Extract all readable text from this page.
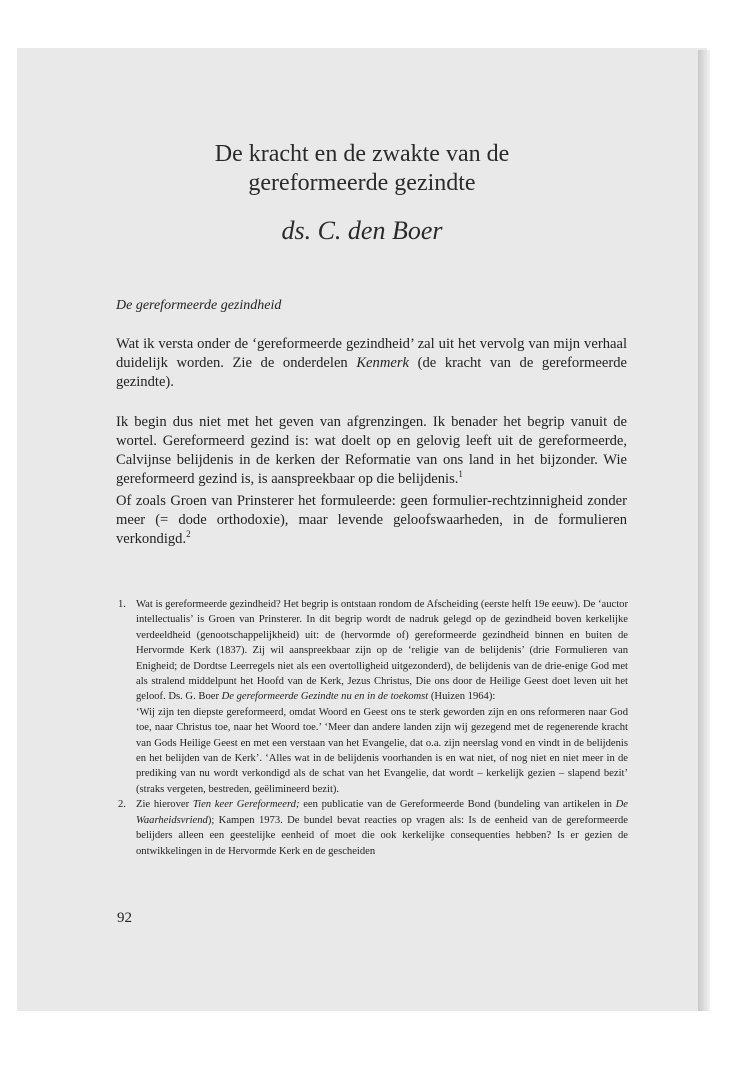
De kracht en de zwakte van de
gereformeerde gezindte
ds. C. den Boer
De gereformeerde gezindheid

Wat ik versta onder de ‘gereformeerde gezindheid’ zal uit het vervolg van mijn verhaal duidelijk worden. Zie de onderdelen Kenmerk (de kracht van de gereformeerde gezindte).

Ik begin dus niet met het geven van afgrenzingen. Ik benader het begrip vanuit de wortel. Gereformeerd gezind is: wat doelt op en gelovig leeft uit de gereformeerde, Calvijnse belijdenis in de kerken der Reformatie van ons land in het bijzonder. Wie gereformeerd gezind is, is aanspreekbaar op die belijdenis.$^1$

Of zoals Groen van Prinsterer het formuleerde: geen formulier-rechtzinnigheid zonder meer (= dode orthodoxie), maar levende geloofswaarheden, in de formulieren verkondigd.$^2$

1. Wat is gereformeerde gezindheid? Het begrip is ontstaan rondom de Afscheiding (eerste helft 19e eeuw). De ‘auctor intellectualis’ is Groen van Prinsterer. In dit begrip wordt de nadruk gelegd op de gezindheid boven kerkelijke verdeeldheid (genootschappelijkheid) uit: de (hervormde of) gereformeerde gezindheid binnen en buiten de Hervormde Kerk (1837). Zij wil aanspreekbaar zijn op de ‘religie van de belijdenis’ (drie Formulieren van Enigheid; de Dordtse Leerregels niet als een overtolligheid uitgezonderd), de belijdenis van de drie-enige God met als stralend middelpunt het Hoofd van de Kerk, Jezus Christus, Die ons door de Heilige Geest doet leven uit het geloof. Ds. G. Boer De gereformeerde Gezindte nu en in de toekomst (Huizen 1964):
‘Wij zijn ten diepste gereformeerd, omdat Woord en Geest ons te sterk geworden zijn en ons reformeren naar God toe, naar Christus toe, naar het Woord toe.’ ‘Meer dan andere landen zijn wij gezegend met de regenerende kracht van Gods Heilige Geest en met een verstaan van het Evangelie, dat o.a. zijn neerslag vond en vindt in de belijdenis en het belijden van de Kerk’. ‘Alles wat in de belijdenis voorhanden is en wat niet, of nog niet en niet meer in de prediking van nu wordt verkondigd als de schat van het Evangelie, dat wordt – kerkelijk gezien – slapend bezit’ (straks vergeten, bestreden, geëlimineerd bezit).

2. Zie hierover Tien keer Gereformeerd; een publicatie van de Gereformeerde Bond (bundeling van artikelen in De Waarheidsvriend); Kampen 1973. De bundel bevat reacties op vragen als: Is de eenheid van de gereformeerde belijders alleen een geestelijke eenheid of moet die ook kerkelijke consequenties hebben? Is er gezien de ontwikkelingen in de Hervormde Kerk en de gescheiden

92
